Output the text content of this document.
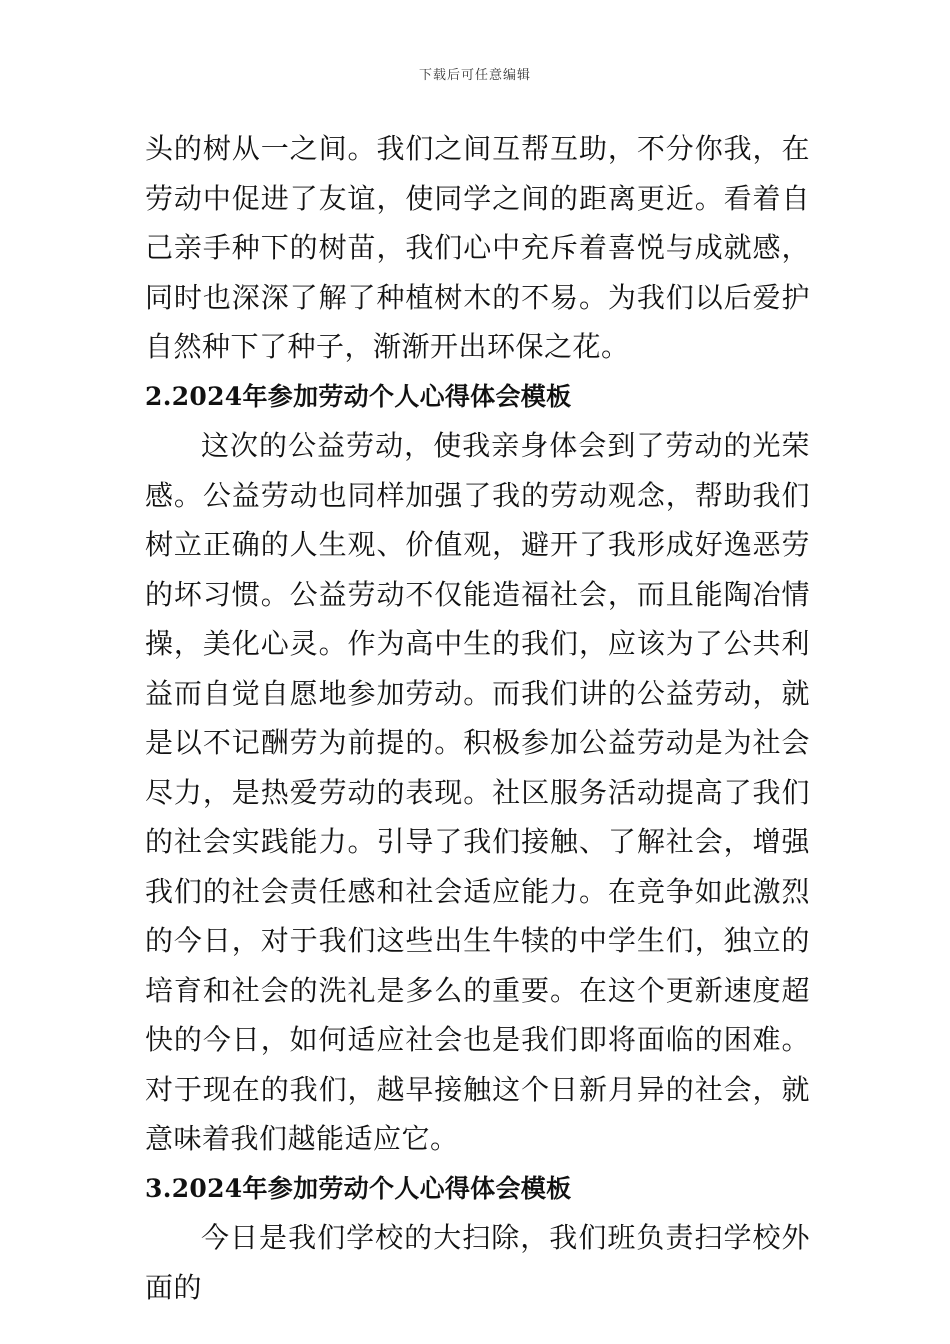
下载后可任意编辑

头的树从一之间。我们之间互帮互助，不分你我，在劳动中促进了友谊，使同学之间的距离更近。看着自己亲手种下的树苗，我们心中充斥着喜悦与成就感，同时也深深了解了种植树木的不易。为我们以后爱护自然种下了种子，渐渐开出环保之花。

2.2024年参加劳动个人心得体会模板

这次的公益劳动，使我亲身体会到了劳动的光荣感。公益劳动也同样加强了我的劳动观念，帮助我们树立正确的人生观、价值观，避开了我形成好逸恶劳的坏习惯。公益劳动不仅能造福社会，而且能陶冶情操，美化心灵。作为高中生的我们，应该为了公共利益而自觉自愿地参加劳动。而我们讲的公益劳动，就是以不记酬劳为前提的。积极参加公益劳动是为社会尽力，是热爱劳动的表现。社区服务活动提高了我们的社会实践能力。引导了我们接触、了解社会，增强我们的社会责任感和社会适应能力。在竞争如此激烈的今日，对于我们这些出生牛犊的中学生们，独立的培育和社会的洗礼是多么的重要。在这个更新速度超快的今日，如何适应社会也是我们即将面临的困难。对于现在的我们，越早接触这个日新月异的社会，就意味着我们越能适应它。

3.2024年参加劳动个人心得体会模板

今日是我们学校的大扫除，我们班负责扫学校外面的
